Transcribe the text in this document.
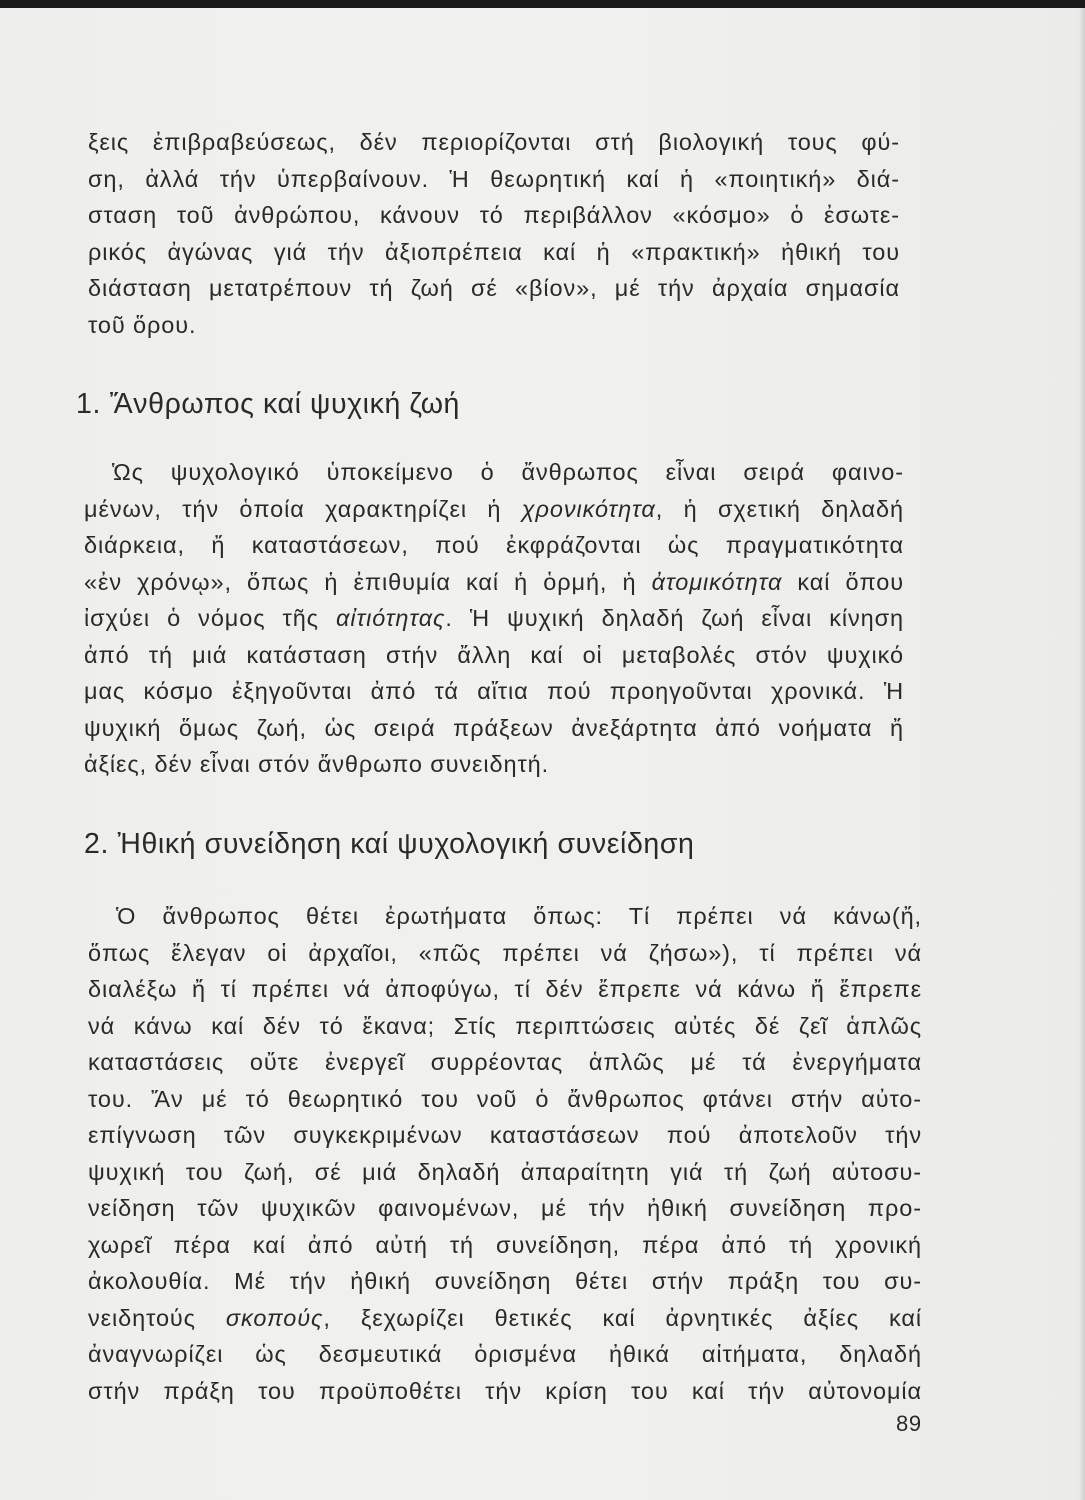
ξεις ἐπιβραβεύσεως, δέν περιορίζονται στή βιολογική τους φύ-
ση, ἀλλά τήν ὑπερβαίνουν. Ἡ θεωρητική καί ἡ «ποιητική» διά-
σταση τοῦ ἀνθρώπου, κάνουν τό περιβάλλον «κόσμο» ὁ ἐσωτε-
ρικός ἀγώνας γιά τήν ἀξιοπρέπεια καί ἡ «πρακτική» ἠθική του
διάσταση μετατρέπουν τή ζωή σέ «βίον», μέ τήν ἀρχαία σημασία
τοῦ ὅρου.

1. Ἄνθρωπος καί ψυχική ζωή

Ὡς ψυχολογικό ὑποκείμενο ὁ ἄνθρωπος εἶναι σειρά φαινο-
μένων, τήν ὁποία χαρακτηρίζει ἡ χρονικότητα, ἡ σχετική δηλαδή
διάρκεια, ἤ καταστάσεων, πού ἐκφράζονται ὡς πραγματικότητα
«ἐν χρόνῳ», ὅπως ἡ ἐπιθυμία καί ἡ ὁρμή, ἡ ἀτομικότητα καί ὅπου
ἰσχύει ὁ νόμος τῆς αἰτιότητας. Ἡ ψυχική δηλαδή ζωή εἶναι κίνηση
ἀπό τή μιά κατάσταση στήν ἄλλη καί οἱ μεταβολές στόν ψυχικό
μας κόσμο ἐξηγοῦνται ἀπό τά αἴτια πού προηγοῦνται χρονικά. Ἡ
ψυχική ὅμως ζωή, ὡς σειρά πράξεων ἀνεξάρτητα ἀπό νοήματα ἤ
ἀξίες, δέν εἶναι στόν ἄνθρωπο συνειδητή.

2. Ἠθική συνείδηση καί ψυχολογική συνείδηση

Ὁ ἄνθρωπος θέτει ἐρωτήματα ὅπως: Τί πρέπει νά κάνω(ἤ,
ὅπως ἔλεγαν οἱ ἀρχαῖοι, «πῶς πρέπει νά ζήσω»), τί πρέπει νά
διαλέξω ἤ τί πρέπει νά ἀποφύγω, τί δέν ἔπρεπε νά κάνω ἤ ἔπρεπε
νά κάνω καί δέν τό ἔκανα; Στίς περιπτώσεις αὐτές δέ ζεῖ ἁπλῶς
καταστάσεις οὔτε ἐνεργεῖ συρρέοντας ἁπλῶς μέ τά ἐνεργήματα
του. Ἄν μέ τό θεωρητικό του νοῦ ὁ ἄνθρωπος φτάνει στήν αὐτο-
επίγνωση τῶν συγκεκριμένων καταστάσεων πού ἀποτελοῦν τήν
ψυχική του ζωή, σέ μιά δηλαδή ἀπαραίτητη γιά τή ζωή αὐτοσυ-
νείδηση τῶν ψυχικῶν φαινομένων, μέ τήν ἠθική συνείδηση προ-
χωρεῖ πέρα καί ἀπό αὐτή τή συνείδηση, πέρα ἀπό τή χρονική
ἀκολουθία. Μέ τήν ἠθική συνείδηση θέτει στήν πράξη του συ-
νειδητούς σκοπούς, ξεχωρίζει θετικές καί ἀρνητικές ἀξίες καί
ἀναγνωρίζει ὡς δεσμευτικά ὁρισμένα ἠθικά αἰτήματα, δηλαδή
στήν πράξη του προϋποθέτει τήν κρίση του καί τήν αὐτονομία

89
